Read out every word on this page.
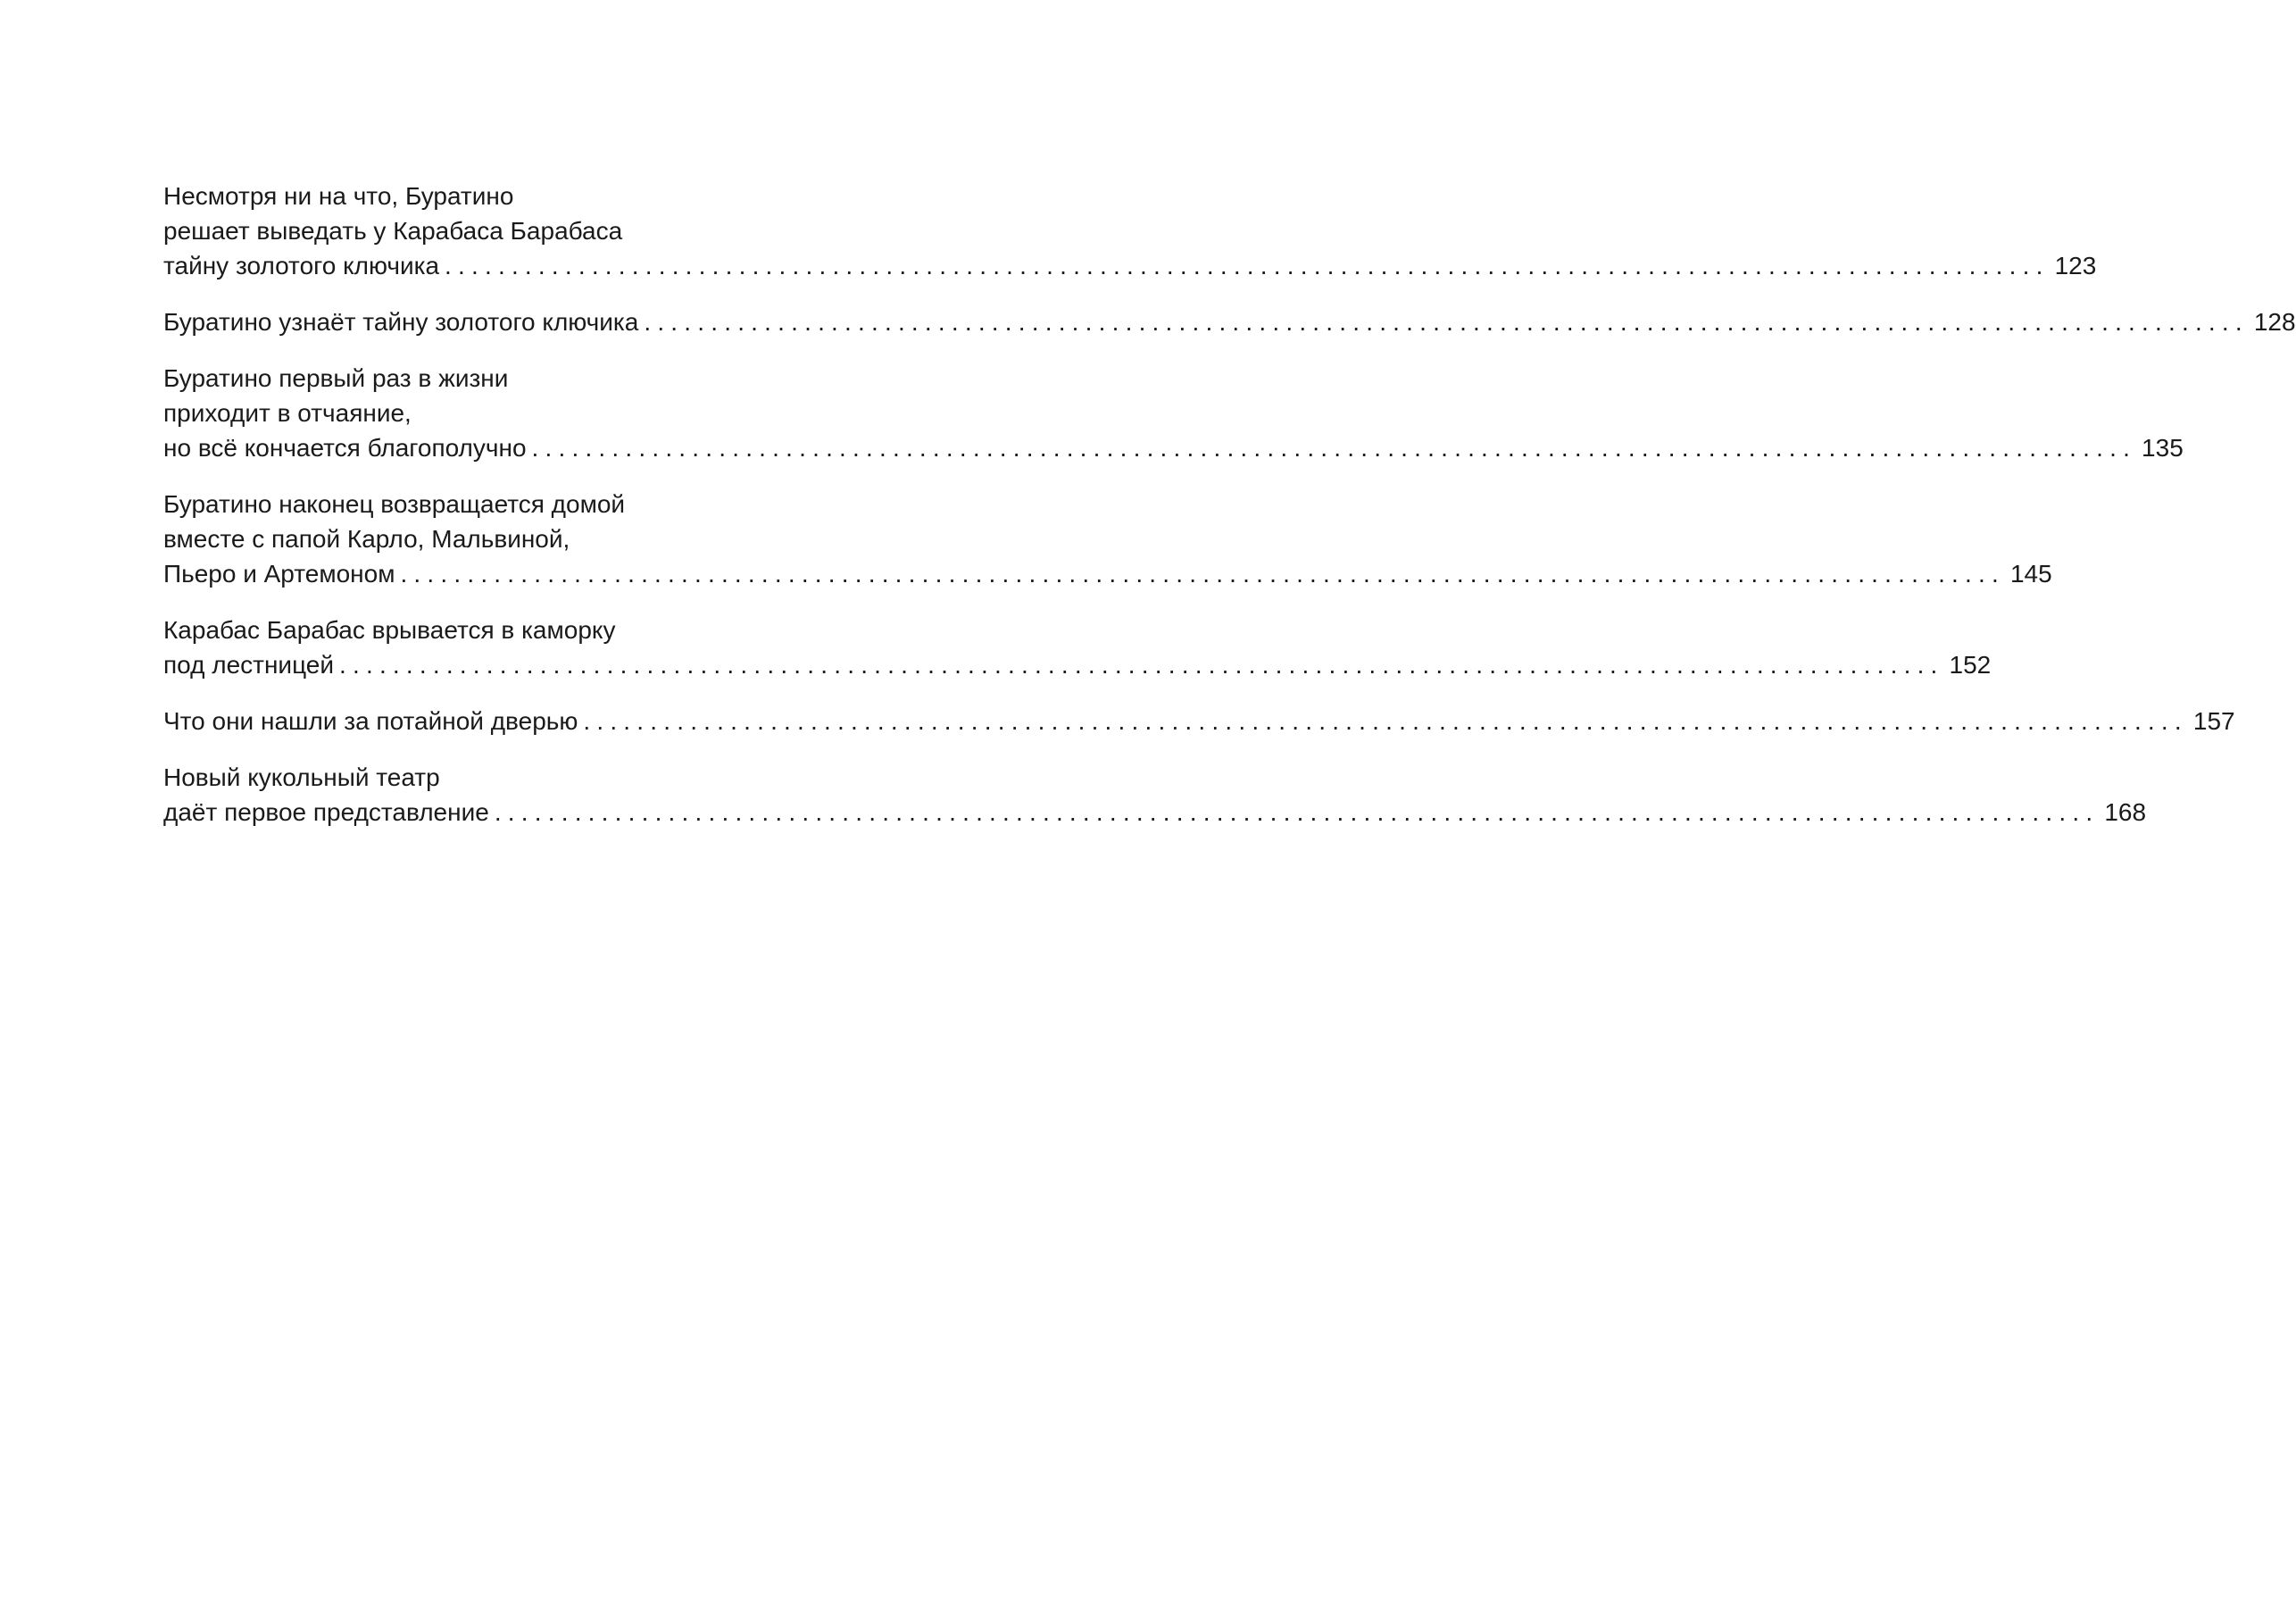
Несмотря ни на что, Буратино
решает выведать у Карабаса Барабаса
тайну золотого ключика ........................................................................................................................ 123
Буратино узнаёт тайну золотого ключика ........................................................................................................................ 128
Буратино первый раз в жизни
приходит в отчаяние,
но всё кончается благополучно ........................................................................................................................ 135
Буратино наконец возвращается домой
вместе с папой Карло, Мальвиной,
Пьеро и Артемоном ........................................................................................................................ 145
Карабас Барабас врывается в каморку
под лестницей ........................................................................................................................ 152
Что они нашли за потайной дверью ........................................................................................................................ 157
Новый кукольный театр
даёт первое представление ........................................................................................................................ 168
